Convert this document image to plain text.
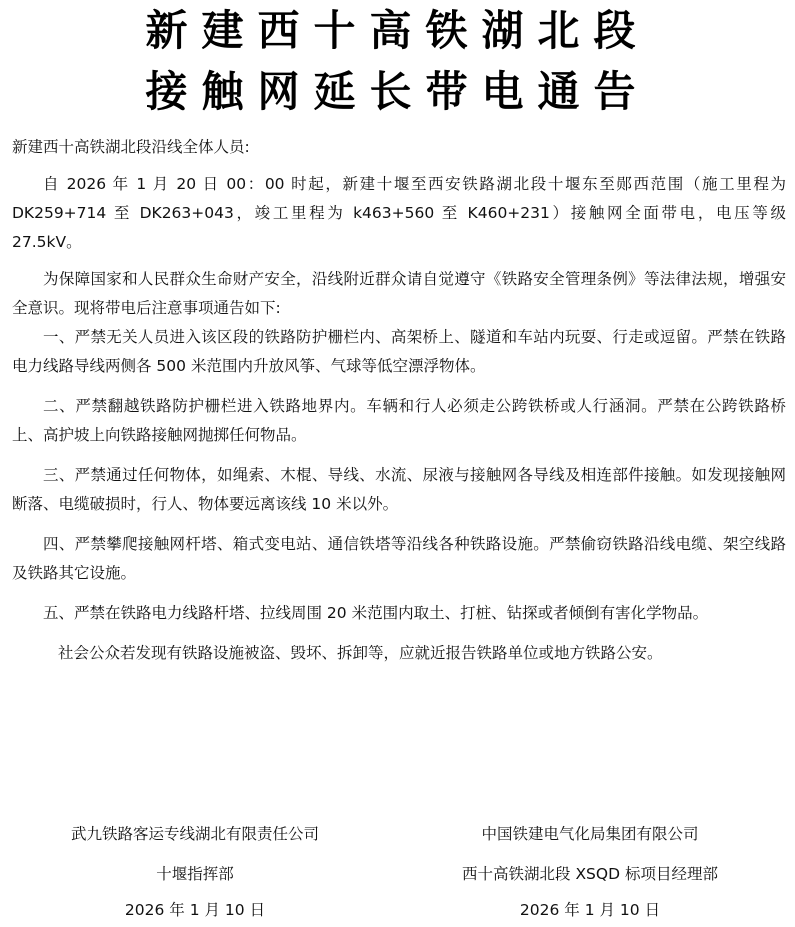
新建西十高铁湖北段
接触网延长带电通告

新建西十高铁湖北段沿线全体人员:

自 2026 年 1 月 20 日 00：00 时起，新建十堰至西安铁路湖北段十堰东至郧西范围（施工里程为 DK259+714 至 DK263+043，竣工里程为 k463+560 至 K460+231）接触网全面带电，电压等级 27.5kV。

为保障国家和人民群众生命财产安全，沿线附近群众请自觉遵守《铁路安全管理条例》等法律法规，增强安全意识。现将带电后注意事项通告如下:

一、严禁无关人员进入该区段的铁路防护栅栏内、高架桥上、隧道和车站内玩耍、行走或逗留。严禁在铁路电力线路导线两侧各 500 米范围内升放风筝、气球等低空漂浮物体。

二、严禁翻越铁路防护栅栏进入铁路地界内。车辆和行人必须走公跨铁桥或人行涵洞。严禁在公跨铁路桥上、高护坡上向铁路接触网抛掷任何物品。

三、严禁通过任何物体，如绳索、木棍、导线、水流、尿液与接触网各导线及相连部件接触。如发现接触网断落、电缆破损时，行人、物体要远离该线 10 米以外。

四、严禁攀爬接触网杆塔、箱式变电站、通信铁塔等沿线各种铁路设施。严禁偷窃铁路沿线电缆、架空线路及铁路其它设施。

五、严禁在铁路电力线路杆塔、拉线周围 20 米范围内取土、打桩、钻探或者倾倒有害化学物品。

社会公众若发现有铁路设施被盗、毁坏、拆卸等，应就近报告铁路单位或地方铁路公安。

武九铁路客运专线湖北有限责任公司
十堰指挥部
2026 年 1 月 10 日
中国铁建电气化局集团有限公司
西十高铁湖北段 XSQD 标项目经理部
2026 年 1 月 10 日
